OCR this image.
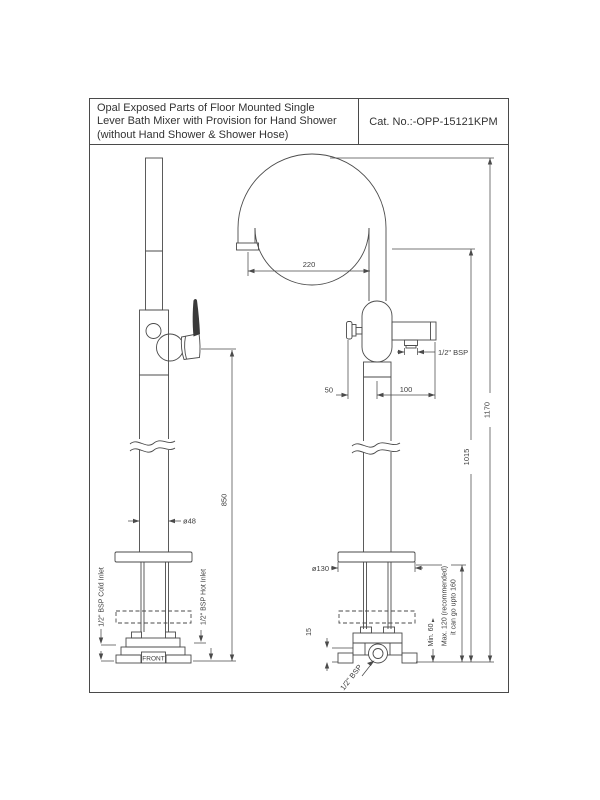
Opal Exposed Parts of Floor Mounted Single
Lever Bath Mixer with Provision for Hand Shower
(without Hand Shower & Shower Hose)
Cat. No.:-OPP-15121KPM
850
ø48
1/2" BSP Cold Inlet	1/2" BSP Hot Inlet
FRONT
220
50	100
1/2" BSP
ø130
15	Min. 60 Max. 120 (recommended) it can go upto 160
1015
1170
1/2" BSP
